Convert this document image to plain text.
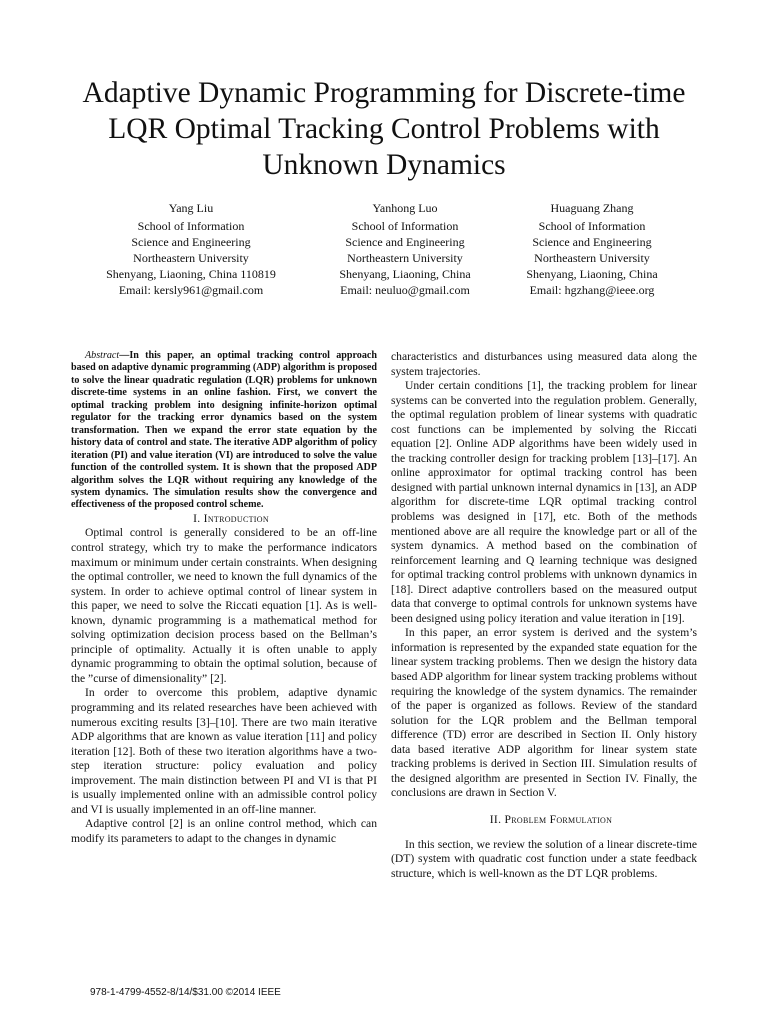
Adaptive Dynamic Programming for Discrete-time
LQR Optimal Tracking Control Problems with
Unknown Dynamics
Yang Liu
School of Information
Science and Engineering
Northeastern University
Shenyang, Liaoning, China 110819
Email: kersly961@gmail.com
Yanhong Luo
School of Information
Science and Engineering
Northeastern University
Shenyang, Liaoning, China
Email: neuluo@gmail.com
Huaguang Zhang
School of Information
Science and Engineering
Northeastern University
Shenyang, Liaoning, China
Email: hgzhang@ieee.org

Abstract—In this paper, an optimal tracking control approach based on adaptive dynamic programming (ADP) algorithm is proposed to solve the linear quadratic regulation (LQR) problems for unknown discrete-time systems in an online fashion. First, we convert the optimal tracking problem into designing infinite-horizon optimal regulator for the tracking error dynamics based on the system transformation. Then we expand the error state equation by the history data of control and state. The iterative ADP algorithm of policy iteration (PI) and value iteration (VI) are introduced to solve the value function of the controlled system. It is shown that the proposed ADP algorithm solves the LQR without requiring any knowledge of the system dynamics. The simulation results show the convergence and effectiveness of the proposed control scheme.

I. Introduction

Optimal control is generally considered to be an off-line control strategy, which try to make the performance indicators maximum or minimum under certain constraints. When designing the optimal controller, we need to known the full dynamics of the system. In order to achieve optimal control of linear system in this paper, we need to solve the Riccati equation [1]. As is well-known, dynamic programming is a mathematical method for solving optimization decision process based on the Bellman’s principle of optimality. Actually it is often unable to apply dynamic programming to obtain the optimal solution, because of the ”curse of dimensionality” [2].

In order to overcome this problem, adaptive dynamic programming and its related researches have been achieved with numerous exciting results [3]–[10]. There are two main iterative ADP algorithms that are known as value iteration [11] and policy iteration [12]. Both of these two iteration algorithms have a two-step iteration structure: policy evaluation and policy improvement. The main distinction between PI and VI is that PI is usually implemented online with an admissible control policy and VI is usually implemented in an off-line manner.

Adaptive control [2] is an online control method, which can modify its parameters to adapt to the changes in dynamic

characteristics and disturbances using measured data along the system trajectories.

Under certain conditions [1], the tracking problem for linear systems can be converted into the regulation problem. Generally, the optimal regulation problem of linear systems with quadratic cost functions can be implemented by solving the Riccati equation [2]. Online ADP algorithms have been widely used in the tracking controller design for tracking problem [13]–[17]. An online approximator for optimal tracking control has been designed with partial unknown internal dynamics in [13], an ADP algorithm for discrete-time LQR optimal tracking control problems was designed in [17], etc. Both of the methods mentioned above are all require the knowledge part or all of the system dynamics. A method based on the combination of reinforcement learning and Q learning technique was designed for optimal tracking control problems with unknown dynamics in [18]. Direct adaptive controllers based on the measured output data that converge to optimal controls for unknown systems have been designed using policy iteration and value iteration in [19].

In this paper, an error system is derived and the system’s information is represented by the expanded state equation for the linear system tracking problems. Then we design the history data based ADP algorithm for linear system tracking problems without requiring the knowledge of the system dynamics. The remainder of the paper is organized as follows. Review of the standard solution for the LQR problem and the Bellman temporal difference (TD) error are described in Section II. Only history data based iterative ADP algorithm for linear system state tracking problems is derived in Section III. Simulation results of the designed algorithm are presented in Section IV. Finally, the conclusions are drawn in Section V.

II. Problem Formulation

In this section, we review the solution of a linear discrete-time (DT) system with quadratic cost function under a state feedback structure, which is well-known as the DT LQR problems.

978-1-4799-4552-8/14/$31.00 ©2014 IEEE
